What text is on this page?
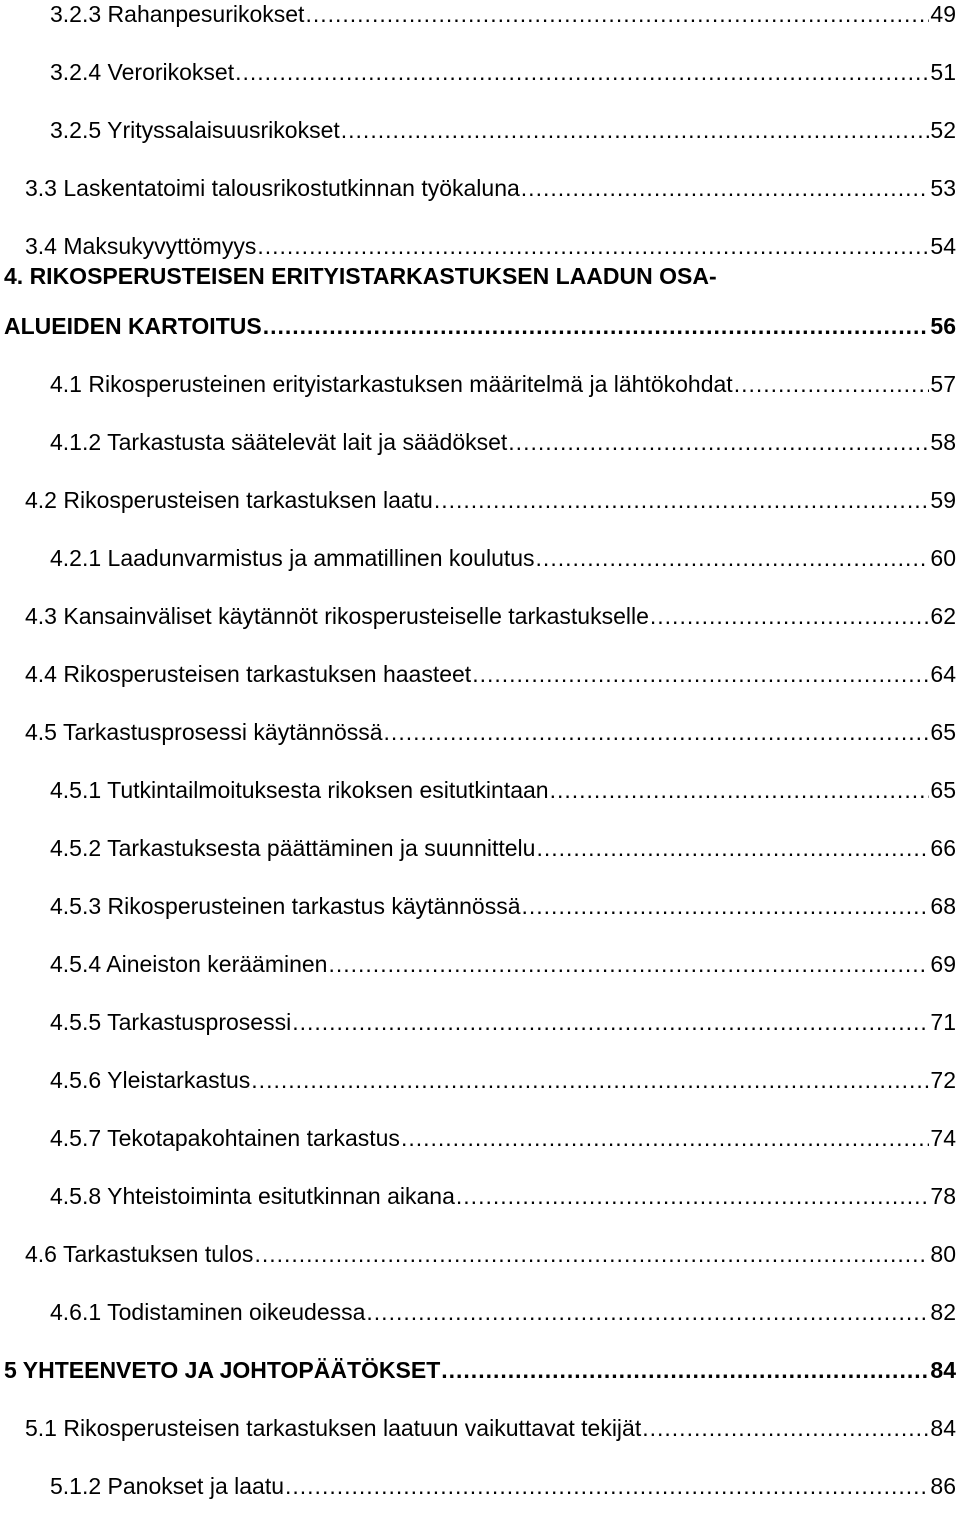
3.2.3 Rahanpesurikokset .....	49
3.2.4 Verorikokset .....	51
3.2.5 Yrityssalaisuusrikokset .....	52
3.3 Laskentatoimi talousrikostutkinnan työkaluna .....	53
3.4 Maksukyvyttömyys .....	54
4. RIKOSPERUSTEISEN ERITYISTARKASTUKSEN LAADUN OSA-
ALUEIDEN KARTOITUS .....	56
4.1 Rikosperusteinen erityistarkastuksen määritelmä ja lähtökohdat .....	57
4.1.2 Tarkastusta säätelevät lait ja säädökset .....	58
4.2 Rikosperusteisen tarkastuksen laatu .....	59
4.2.1 Laadunvarmistus ja ammatillinen koulutus .....	60
4.3 Kansainväliset käytännöt rikosperusteiselle tarkastukselle .....	62
4.4 Rikosperusteisen tarkastuksen haasteet .....	64
4.5 Tarkastusprosessi käytännössä .....	65
4.5.1 Tutkintailmoituksesta rikoksen esitutkintaan .....	65
4.5.2 Tarkastuksesta päättäminen ja suunnittelu .....	66
4.5.3 Rikosperusteinen tarkastus käytännössä .....	68
4.5.4 Aineiston kerääminen .....	69
4.5.5 Tarkastusprosessi .....	71
4.5.6 Yleistarkastus .....	72
4.5.7 Tekotapakohtainen tarkastus .....	74
4.5.8 Yhteistoiminta esitutkinnan aikana .....	78
4.6 Tarkastuksen tulos .....	80
4.6.1 Todistaminen oikeudessa .....	82
5 YHTEENVETO JA JOHTOPÄÄTÖKSET .....	84
5.1 Rikosperusteisen tarkastuksen laatuun vaikuttavat tekijät .....	84
5.1.2 Panokset ja laatu .....	86
